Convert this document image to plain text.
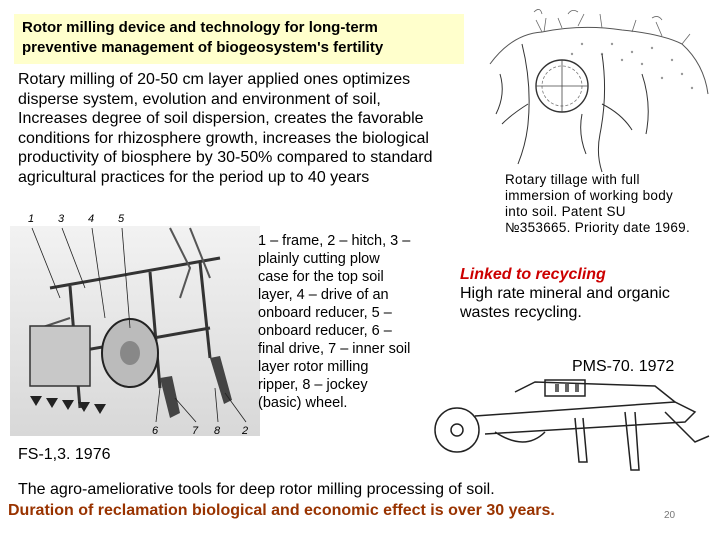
Rotor milling device and technology for long-term
preventive management of biogeosystem's fertility
Rotary milling of 20-50 cm layer applied ones optimizes
disperse system, evolution and environment of soil,
Increases degree of soil dispersion, creates the favorable
conditions for rhizosphere growth, increases the biological
productivity of biosphere by 30-50% compared to standard
agricultural practices for the period up to 40 years	Rotary tillage with full
immersion of working body
into soil. Patent SU
№353665. Priority date 1969.
1 3 4 5
6	7 8 2
1 – frame, 2 – hitch, 3 –
plainly cutting plow
case for the top soil
layer, 4 – drive of an
onboard reducer, 5 –
onboard reducer, 6 –
final drive, 7 – inner soil
layer rotor milling
ripper, 8 – jockey
(basic) wheel.
Linked to recycling
High rate mineral and organic
wastes recycling.
PMS-70. 1972
FS-1,3. 1976
The agro-ameliorative tools for deep rotor milling processing of soil.
Duration of reclamation biological and economic effect is over 30 years.	20
